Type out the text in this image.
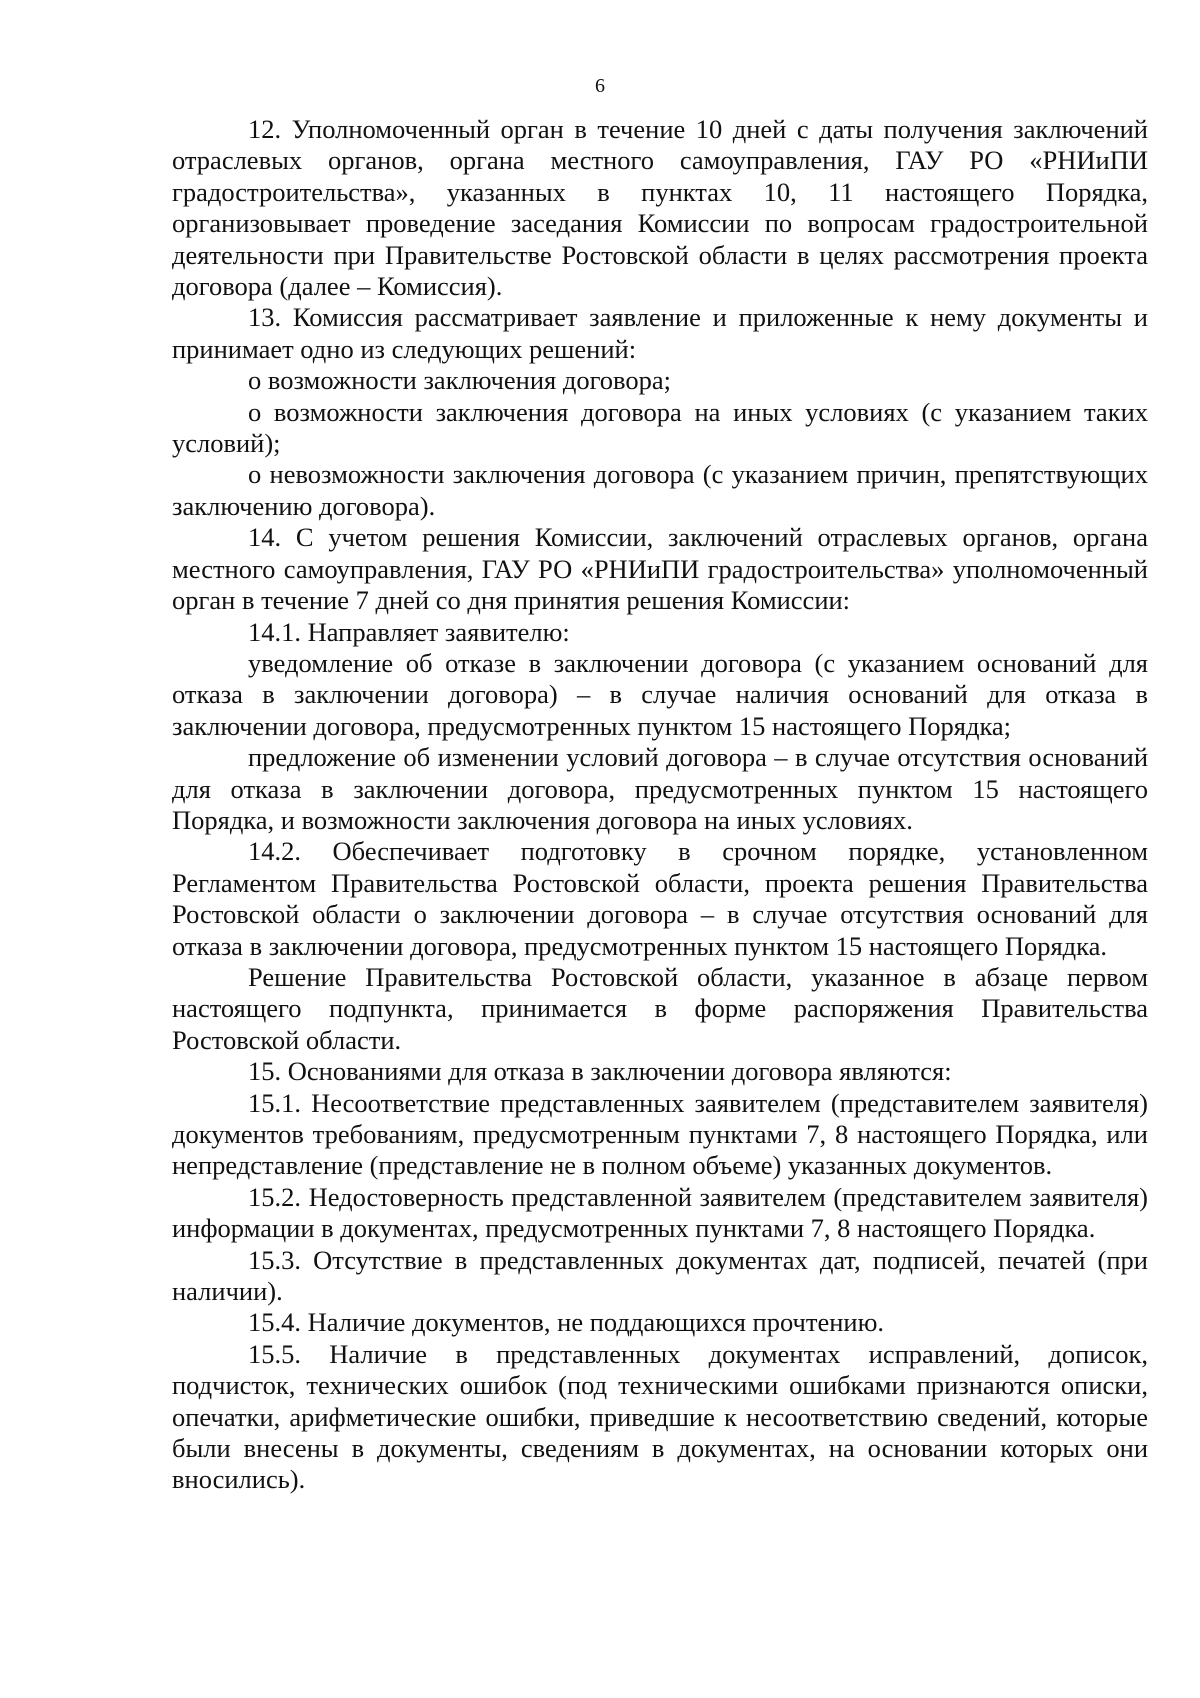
6

12. Уполномоченный орган в течение 10 дней с даты получения заключений отраслевых органов, органа местного самоуправления, ГАУ РО «РНИиПИ градостроительства», указанных в пунктах 10, 11 настоящего Порядка, организовывает проведение заседания Комиссии по вопросам градостроительной деятельности при Правительстве Ростовской области в целях рассмотрения проекта договора (далее – Комиссия).

13. Комиссия рассматривает заявление и приложенные к нему документы и принимает одно из следующих решений:

о возможности заключения договора;

о возможности заключения договора на иных условиях (с указанием таких условий);

о невозможности заключения договора (с указанием причин, препятствующих заключению договора).

14. С учетом решения Комиссии, заключений отраслевых органов, органа местного самоуправления, ГАУ РО «РНИиПИ градостроительства» уполномоченный орган в течение 7 дней со дня принятия решения Комиссии:

14.1. Направляет заявителю:

уведомление об отказе в заключении договора (с указанием оснований для отказа в заключении договора) – в случае наличия оснований для отказа в заключении договора, предусмотренных пунктом 15 настоящего Порядка;

предложение об изменении условий договора – в случае отсутствия оснований для отказа в заключении договора, предусмотренных пунктом 15 настоящего Порядка, и возможности заключения договора на иных условиях.

14.2. Обеспечивает подготовку в срочном порядке, установленном Регламентом Правительства Ростовской области, проекта решения Правительства Ростовской области о заключении договора – в случае отсутствия оснований для отказа в заключении договора, предусмотренных пунктом 15 настоящего Порядка.

Решение Правительства Ростовской области, указанное в абзаце первом настоящего подпункта, принимается в форме распоряжения Правительства Ростовской области.

15. Основаниями для отказа в заключении договора являются:

15.1. Несоответствие представленных заявителем (представителем заявителя) документов требованиям, предусмотренным пунктами 7, 8 настоящего Порядка, или непредставление (представление не в полном объеме) указанных документов.

15.2. Недостоверность представленной заявителем (представителем заявителя) информации в документах, предусмотренных пунктами 7, 8 настоящего Порядка.

15.3. Отсутствие в представленных документах дат, подписей, печатей (при наличии).

15.4. Наличие документов, не поддающихся прочтению.

15.5. Наличие в представленных документах исправлений, дописок, подчисток, технических ошибок (под техническими ошибками признаются описки, опечатки, арифметические ошибки, приведшие к несоответствию сведений, которые были внесены в документы, сведениям в документах, на основании которых они вносились).
